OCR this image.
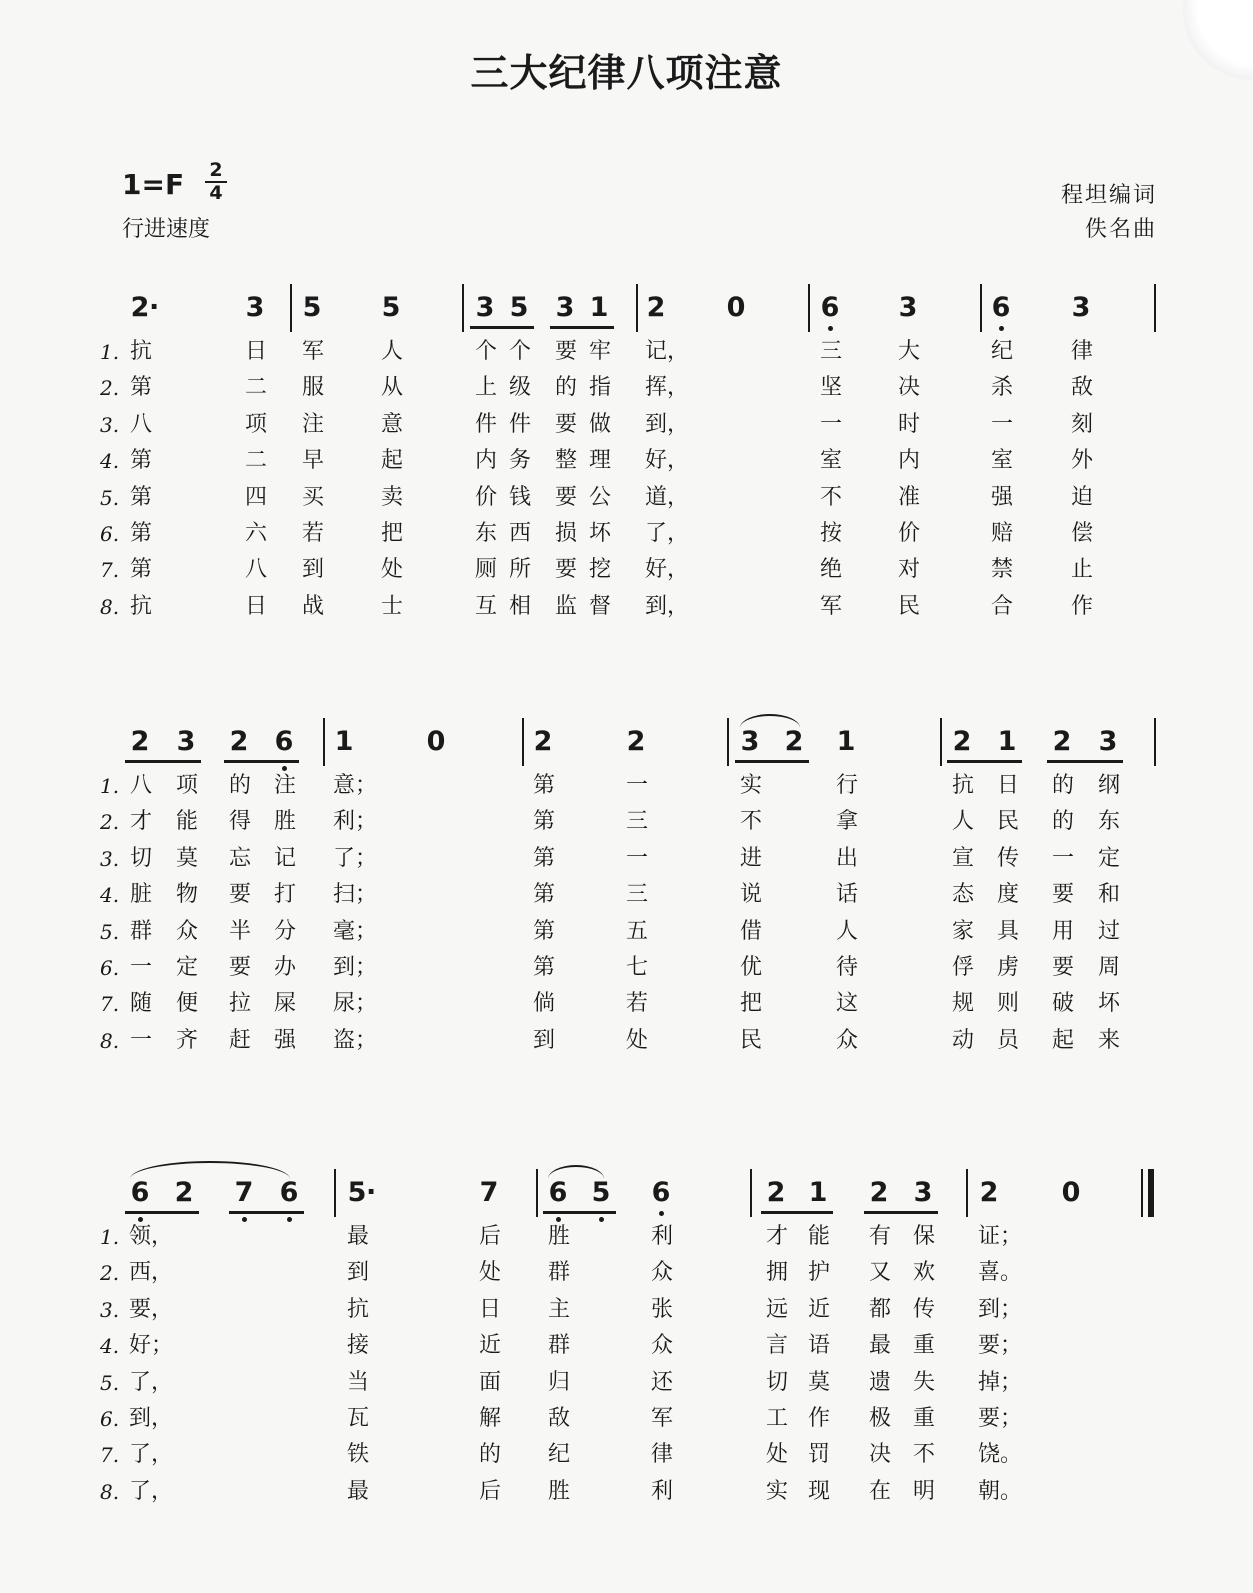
三大纪律八项注意
1=F 2
4
行进速度
程坦编词
佚名曲
2 ·	3 5 5	3 5 3 1 2 0	6 3	6 3
1. 抗	日 军	人	个 个 要 牢 记，	三	大	纪	律
2. 第	二 服	从	上 级 的 指 挥，	坚	决	杀	敌
3. 八	项 注	意	件 件 要 做 到，	一	时	一	刻
4. 第	二 早	起	内 务 整 理 好，	室	内	室	外
5. 第	四 买	卖	价 钱 要 公 道，	不	准	强	迫
6. 第	六 若	把	东 西 损 坏 了，	按	价	赔	偿
7. 第	八 到	处	厕 所 要 挖 好，	绝	对	禁	止
8. 抗	日 战	士	互 相 监 督 到，	军	民	合	作
2 3 2 6 1	0	2	2	3 2 1	2 1 2 3
1. 八 项 的 注 意；	第	一	实	行	抗 日 的 纲
2. 才 能 得 胜 利；	第	三	不	拿	人 民 的 东
3. 切 莫 忘 记 了；	第	一	进	出	宣 传 一 定
4. 脏 物 要 打 扫；	第	三	说	话	态 度 要 和
5. 群 众 半 分 毫；	第	五	借	人	家 具 用 过
6. 一 定 要 办 到；	第	七	优	待	俘 虏 要 周
7. 随 便 拉 屎 尿；	倘	若	把	这	规 则 破 坏
8. 一 齐 赶 强 盗；	到	处	民	众	动 员 起 来
6 2 7 6 5 ·	7 6 5 6	2 1 2 3 2 0
1. 领，	最	后 胜	利	才 能 有 保 证；
2. 西，	到	处 群	众	拥 护 又 欢 喜。
3. 要，	抗	日 主	张	远 近 都 传 到；
4. 好；	接	近 群	众	言 语 最 重 要；
5. 了，	当	面 归	还	切 莫 遗 失 掉；
6. 到，	瓦	解 敌	军	工 作 极 重 要；
7. 了，	铁	的 纪	律	处 罚 决 不 饶。
8. 了，	最	后 胜	利	实 现 在 明 朝。
